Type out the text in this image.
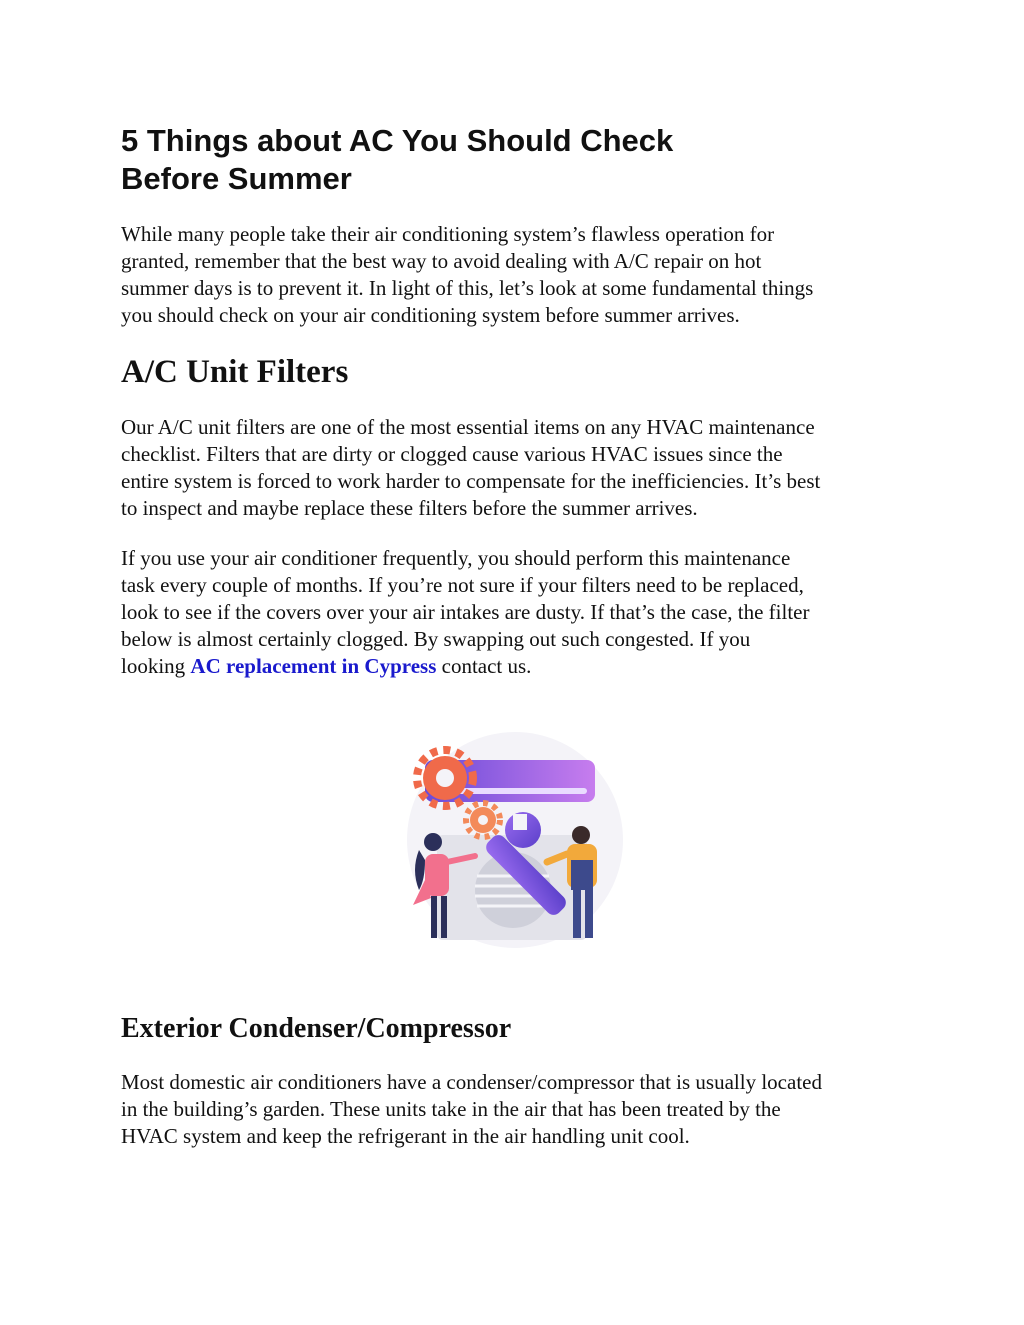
5 Things about AC You Should Check
Before Summer

While many people take their air conditioning system’s flawless operation for
granted, remember that the best way to avoid dealing with A/C repair on hot
summer days is to prevent it. In light of this, let’s look at some fundamental things
you should check on your air conditioning system before summer arrives.

A/C Unit Filters

Our A/C unit filters are one of the most essential items on any HVAC maintenance
checklist. Filters that are dirty or clogged cause various HVAC issues since the
entire system is forced to work harder to compensate for the inefficiencies. It’s best
to inspect and maybe replace these filters before the summer arrives.

If you use your air conditioner frequently, you should perform this maintenance
task every couple of months. If you’re not sure if your filters need to be replaced,
look to see if the covers over your air intakes are dusty. If that’s the case, the filter
below is almost certainly clogged. By swapping out such congested. If you
looking AC replacement in Cypress contact us.

Exterior Condenser/Compressor

Most domestic air conditioners have a condenser/compressor that is usually located
in the building’s garden. These units take in the air that has been treated by the
HVAC system and keep the refrigerant in the air handling unit cool.
